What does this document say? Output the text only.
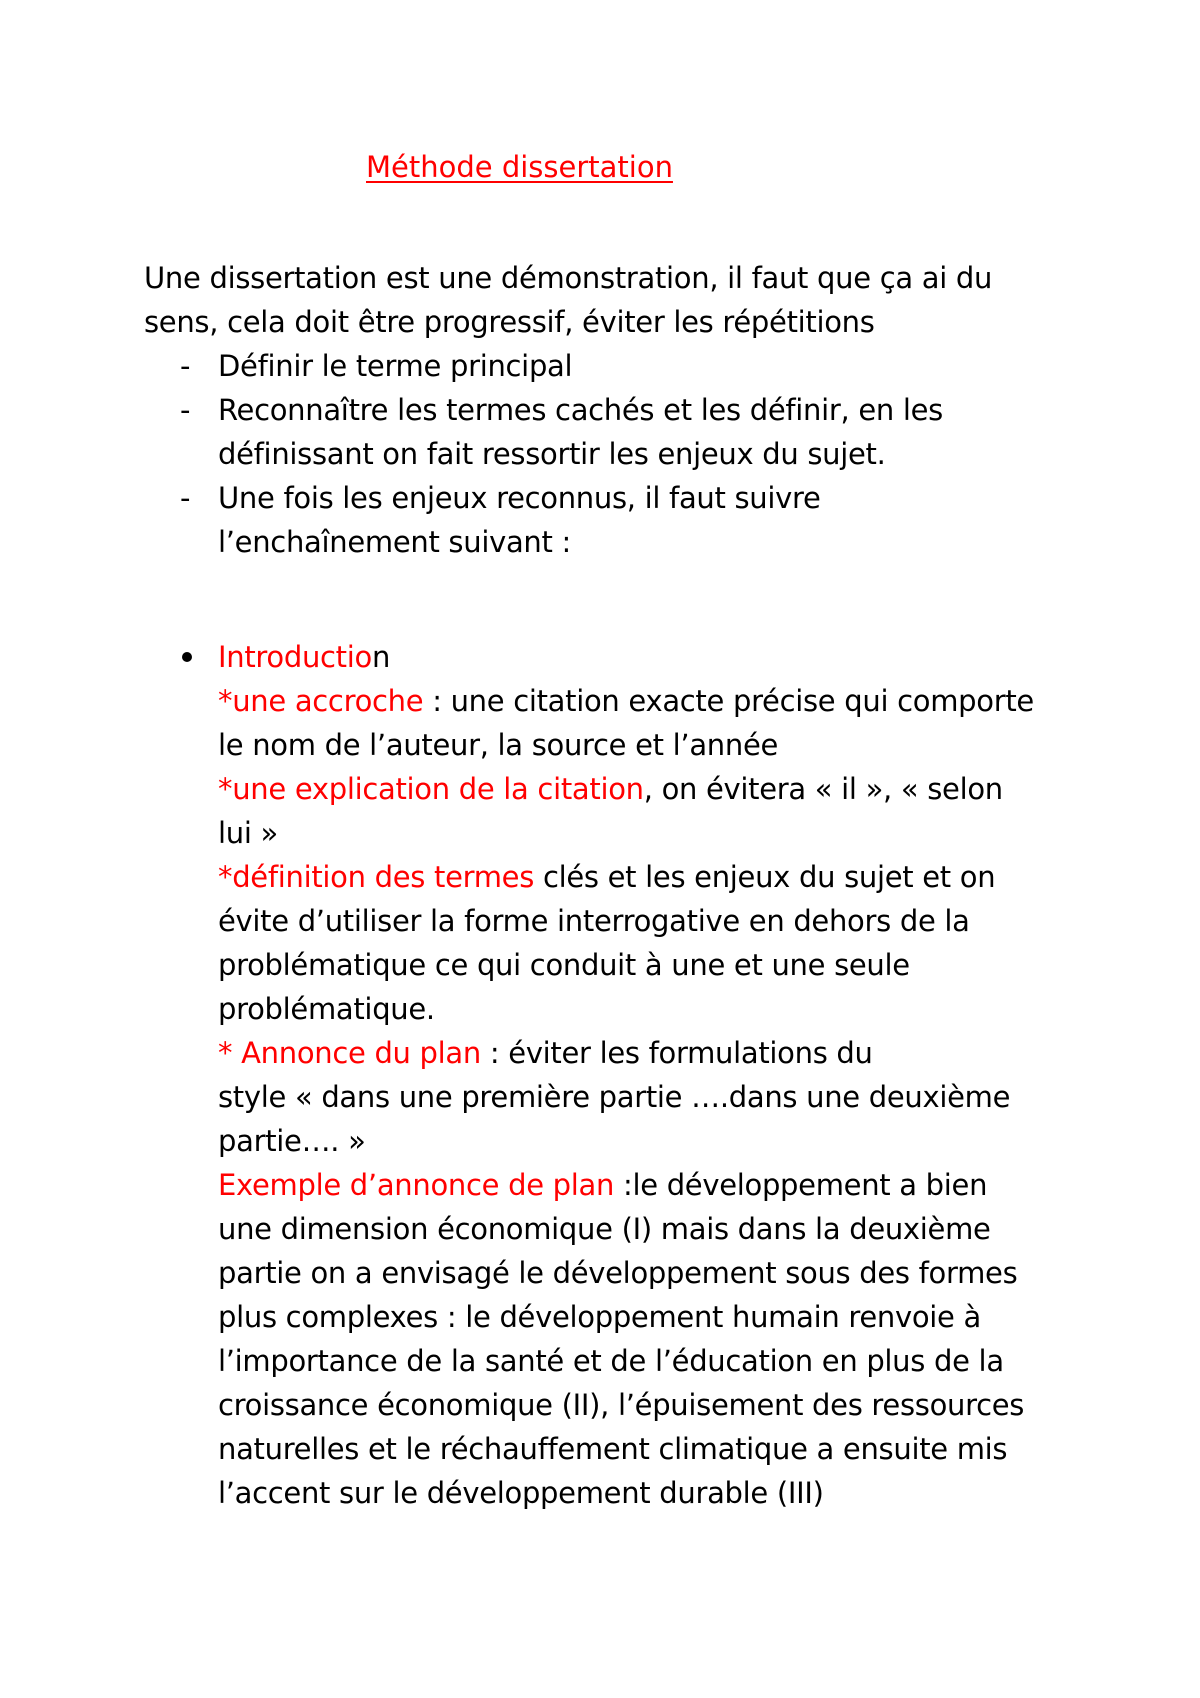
Méthode dissertation
Une dissertation est une démonstration, il faut que ça ai du
sens, cela doit être progressif, éviter les répétitions
- Définir le terme principal
- Reconnaître les termes cachés et les définir, en les
définissant on fait ressortir les enjeux du sujet.
- Une fois les enjeux reconnus, il faut suivre
l’enchaînement suivant :
Introduction
*une accroche : une citation exacte précise qui comporte
le nom de l’auteur, la source et l’année
*une explication de la citation, on évitera « il », « selon
lui »
*définition des termes clés et les enjeux du sujet et on
évite d’utiliser la forme interrogative en dehors de la
problématique ce qui conduit à une et une seule
problématique.
* Annonce du plan : éviter les formulations du
style « dans une première partie ….dans une deuxième
partie…. »
Exemple d’annonce de plan :le développement a bien
une dimension économique (I) mais dans la deuxième
partie on a envisagé le développement sous des formes
plus complexes : le développement humain renvoie à
l’importance de la santé et de l’éducation en plus de la
croissance économique (II), l’épuisement des ressources
naturelles et le réchauffement climatique a ensuite mis
l’accent sur le développement durable (III)
